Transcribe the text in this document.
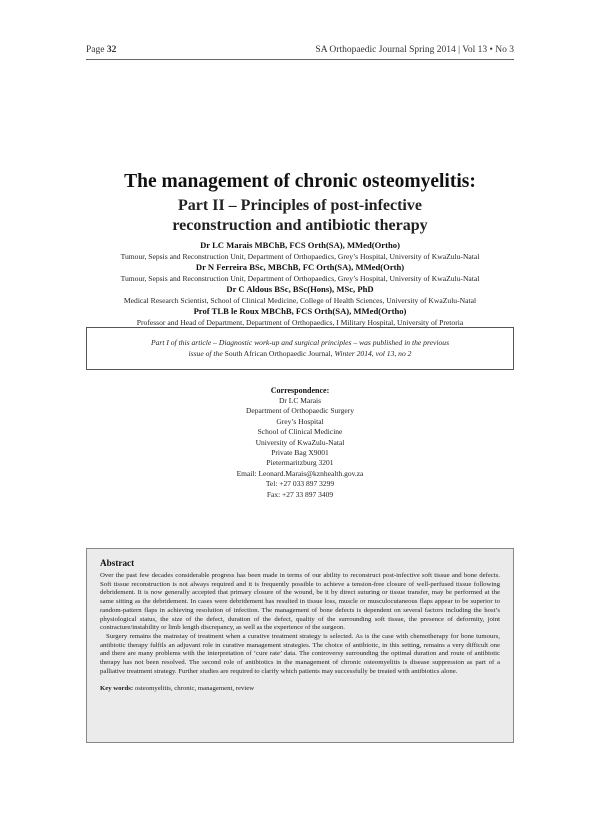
Page 32	SA Orthopaedic Journal Spring 2014 | Vol 13 • No 3
The management of chronic osteomyelitis:
Part II – Principles of post-infective
reconstruction and antibiotic therapy
Dr LC Marais MBChB, FCS Orth(SA), MMed(Ortho)
Tumour, Sepsis and Reconstruction Unit, Department of Orthopaedics, Grey’s Hospital, University of KwaZulu-Natal
Dr N Ferreira BSc, MBChB, FC Orth(SA), MMed(Orth)
Tumour, Sepsis and Reconstruction Unit, Department of Orthopaedics, Grey’s Hospital, University of KwaZulu-Natal
Dr C Aldous BSc, BSc(Hons), MSc, PhD
Medical Research Scientist, School of Clinical Medicine, College of Health Sciences, University of KwaZulu-Natal
Prof TLB le Roux MBChB, FCS Orth(SA), MMed(Ortho)
Professor and Head of Department, Department of Orthopaedics, I Military Hospital, University of Pretoria
Part I of this article – Diagnostic work-up and surgical principles – was published in the previous
issue of the South African Orthopaedic Journal, Winter 2014, vol 13, no 2
Correspondence:
Dr LC Marais
Department of Orthopaedic Surgery
Grey’s Hospital
School of Clinical Medicine
University of KwaZulu-Natal
Private Bag X9001
Pietermaritzburg 3201
Email: Leonard.Marais@kznhealth.gov.za
Tel: +27 033 897 3299
Fax: +27 33 897 3409
Abstract

Over the past few decades considerable progress has been made in terms of our ability to reconstruct post-infective soft tissue and bone defects. Soft tissue reconstruction is not always required and it is frequently possible to achieve a tension-free closure of well-perfused tissue following debridement. It is now generally accepted that primary closure of the wound, be it by direct suturing or tissue transfer, may be performed at the same sitting as the debridement. In cases were debridement has resulted in tissue loss, muscle or musculocutaneous flaps appear to be superior to random-pattern flaps in achieving resolution of infection. The management of bone defects is dependent on several factors including the host’s physiological status, the size of the defect, duration of the defect, quality of the surrounding soft tissue, the presence of deformity, joint contracture/instability or limb length discrepancy, as well as the experience of the surgeon.

Surgery remains the mainstay of treatment when a curative treatment strategy is selected. As is the case with chemotherapy for bone tumours, antibiotic therapy fulfils an adjuvant role in curative management strategies. The choice of antibiotic, in this setting, remains a very difficult one and there are many problems with the interpretation of ‘cure rate’ data. The controversy surrounding the optimal duration and route of antibiotic therapy has not been resolved. The second role of antibiotics in the management of chronic osteomyelitis is disease suppression as part of a palliative treatment strategy. Further studies are required to clarify which patients may successfully be treated with antibiotics alone.

Key words: osteomyelitis, chronic, management, review
